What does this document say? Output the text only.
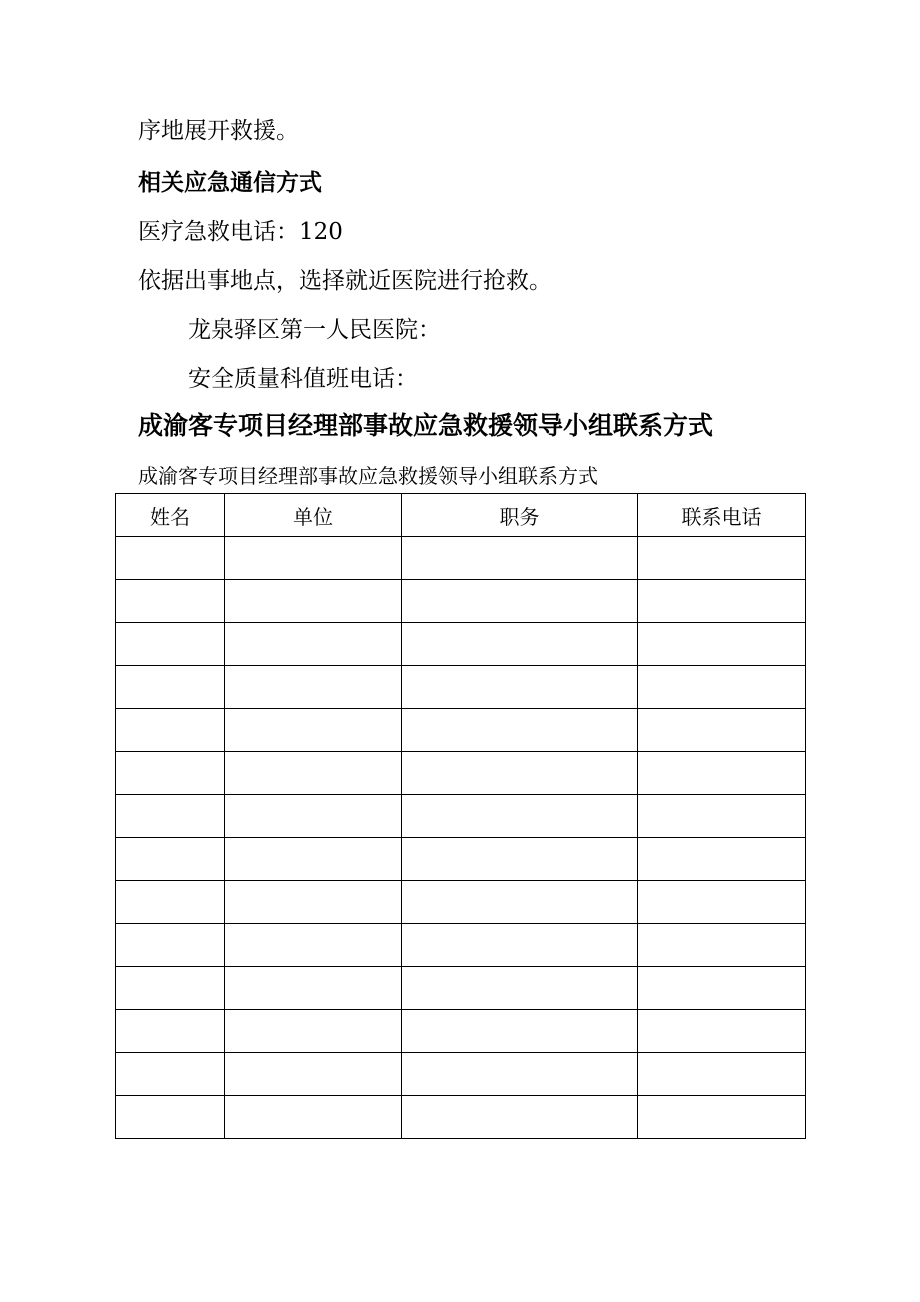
序地展开救援。
相关应急通信方式
医疗急救电话：120
依据出事地点，选择就近医院进行抢救。
龙泉驿区第一人民医院：
安全质量科值班电话：
成渝客专项目经理部事故应急救援领导小组联系方式
成渝客专项目经理部事故应急救援领导小组联系方式
姓名	单位	职务	联系电话
